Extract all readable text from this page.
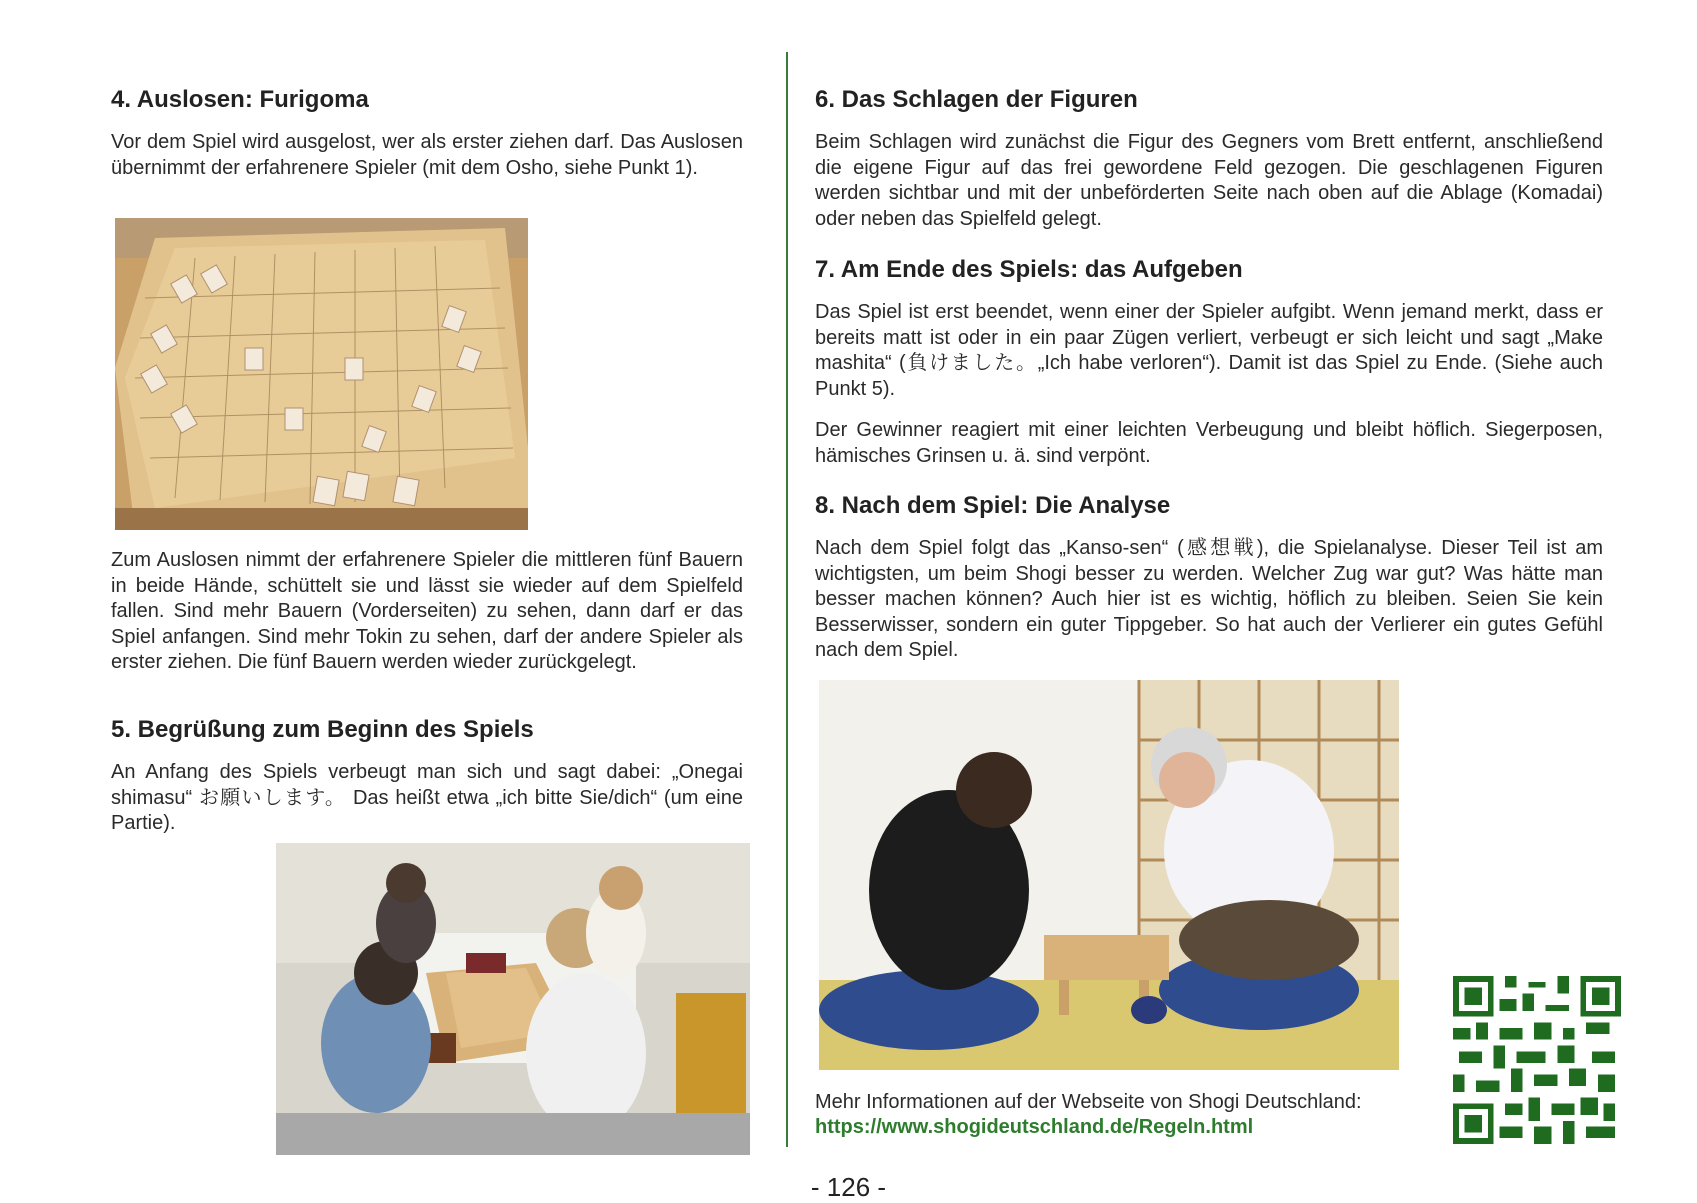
4. Auslosen: Furigoma

Vor dem Spiel wird ausgelost, wer als erster ziehen darf. Das Auslosen übernimmt der erfahrenere Spieler (mit dem Osho, siehe Punkt 1).

Zum Auslosen nimmt der erfahrenere Spieler die mittleren fünf Bauern in beide Hände, schüttelt sie und lässt sie wieder auf dem Spielfeld fallen. Sind mehr Bauern (Vorderseiten) zu sehen, dann darf er das Spiel anfangen. Sind mehr Tokin zu sehen, darf der andere Spieler als erster ziehen. Die fünf Bauern werden wieder zurückgelegt.

5. Begrüßung zum Beginn des Spiels

An Anfang des Spiels verbeugt man sich und sagt dabei: „Onegai shimasu“ お願いします。 Das heißt etwa „ich bitte Sie/dich“ (um eine Partie).

6. Das Schlagen der Figuren

Beim Schlagen wird zunächst die Figur des Gegners vom Brett entfernt, anschließend die eigene Figur auf das frei gewordene Feld gezogen. Die geschlagenen Figuren werden sichtbar und mit der unbeförderten Seite nach oben auf die Ablage (Komadai) oder neben das Spielfeld gelegt.

7. Am Ende des Spiels: das Aufgeben

Das Spiel ist erst beendet, wenn einer der Spieler aufgibt. Wenn jemand merkt, dass er bereits matt ist oder in ein paar Zügen verliert, verbeugt er sich leicht und sagt „Make mashita“ (負けました。„Ich habe verloren“). Damit ist das Spiel zu Ende. (Siehe auch Punkt 5).

Der Gewinner reagiert mit einer leichten Verbeugung und bleibt höflich. Siegerposen, hämisches Grinsen u. ä. sind verpönt.

8. Nach dem Spiel: Die Analyse

Nach dem Spiel folgt das „Kanso-sen“ (感想戦), die Spielanalyse. Dieser Teil ist am wichtigsten, um beim Shogi besser zu werden. Welcher Zug war gut? Was hätte man besser machen können? Auch hier ist es wichtig, höflich zu bleiben. Seien Sie kein Besserwisser, sondern ein guter Tippgeber. So hat auch der Verlierer ein gutes Gefühl nach dem Spiel.

Mehr Informationen auf der Webseite von Shogi Deutschland:
https://www.shogideutschland.de/Regeln.html
- 126 -
